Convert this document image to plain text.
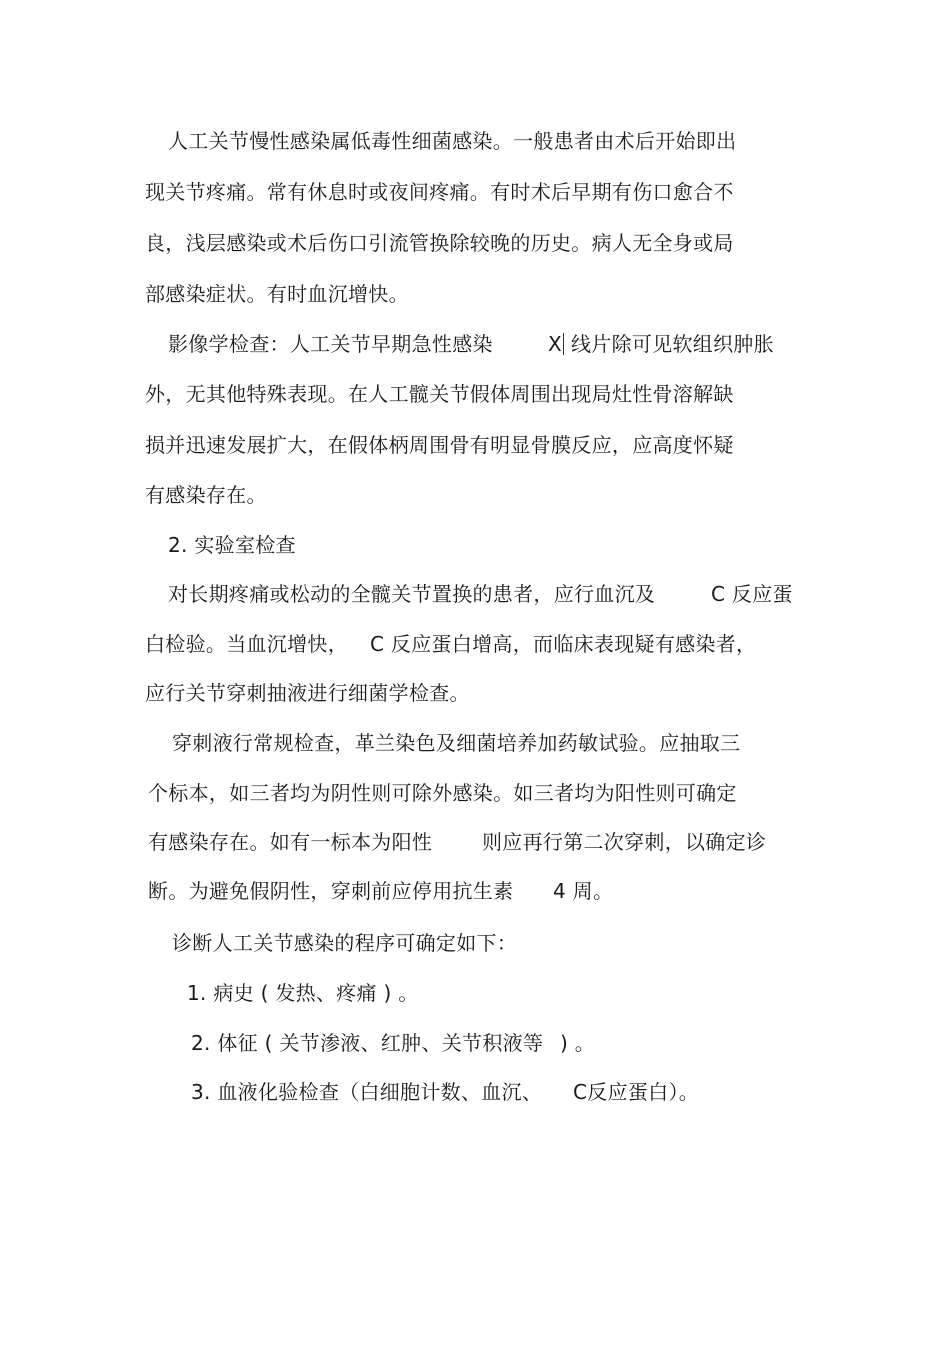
人工关节慢性感染属低毒性细菌感染。一般患者由术后开始即出
现关节疼痛。常有休息时或夜间疼痛。有时术后早期有伤口愈合不
良，浅层感染或术后伤口引流管换除较晚的历史。病人无全身或局
部感染症状。有时血沉增快。
影像学检查：人工关节早期急性感染	X 线片除可见软组织肿胀
外，无其他特殊表现。在人工髋关节假体周围出现局灶性骨溶解缺
损并迅速发展扩大，在假体柄周围骨有明显骨膜反应，应高度怀疑
有感染存在。
2. 实验室检查
对长期疼痛或松动的全髋关节置换的患者，应行血沉及	C 反应蛋
白检验。当血沉增快， C 反应蛋白增高，而临床表现疑有感染者，
应行关节穿刺抽液进行细菌学检查。
穿刺液行常规检查，革兰染色及细菌培养加药敏试验。应抽取三
个标本，如三者均为阴性则可除外感染。如三者均为阳性则可确定
有感染存在。如有一标本为阳性 则应再行第二次穿刺，以确定诊
断。为避免假阴性，穿刺前应停用抗生素 4 周。
诊断人工关节感染的程序可确定如下：
1. 病史 ( 发热、疼痛 ) 。
2. 体征 ( 关节渗液、红肿、关节积液等 ) 。
3. 血液化验检查（白细胞计数、血沉、 C反应蛋白）。
